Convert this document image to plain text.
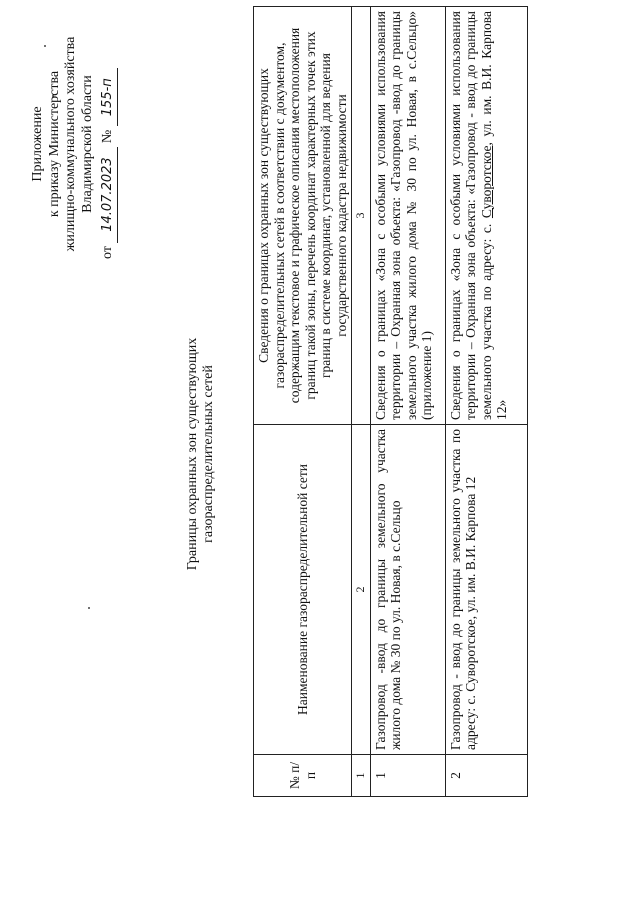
Приложение к приказу Министерства жилищно-коммунального хозяйства Владимирской области
от 14.07.2023 № 155-п
Границы охранных зон существующих газораспределительных сетей
№ п/п	Наименование газораспределительной сети	Сведения о границах охранных зон существующих газораспределительных сетей в соответствии с документом, содержащим текстовое и графическое описания местоположения границ такой зоны, перечень координат характерных точек этих границ в системе координат, установленной для ведения государственного кадастра недвижимости
1	2	3
1	Газопровод -ввод до границы земельного участка жилого дома № 30 по ул. Новая, в с.Сельцо	Сведения о границах «Зона с особыми условиями использования территории – Охранная зона объекта: «Газопровод -ввод до границы земельного участка жилого дома № 30 по ул. Новая, в с.Сельцо» (приложение 1)
2	Газопровод - ввод до границы земельного участка по адресу: с. Суворотское, ул. им. В.И. Карпова 12	Сведения о границах «Зона с особыми условиями использования территории – Охранная зона объекта: «Газопровод - ввод до границы земельного участка по адресу: с. Суворотское, ул. им. В.И. Карпова 12»
